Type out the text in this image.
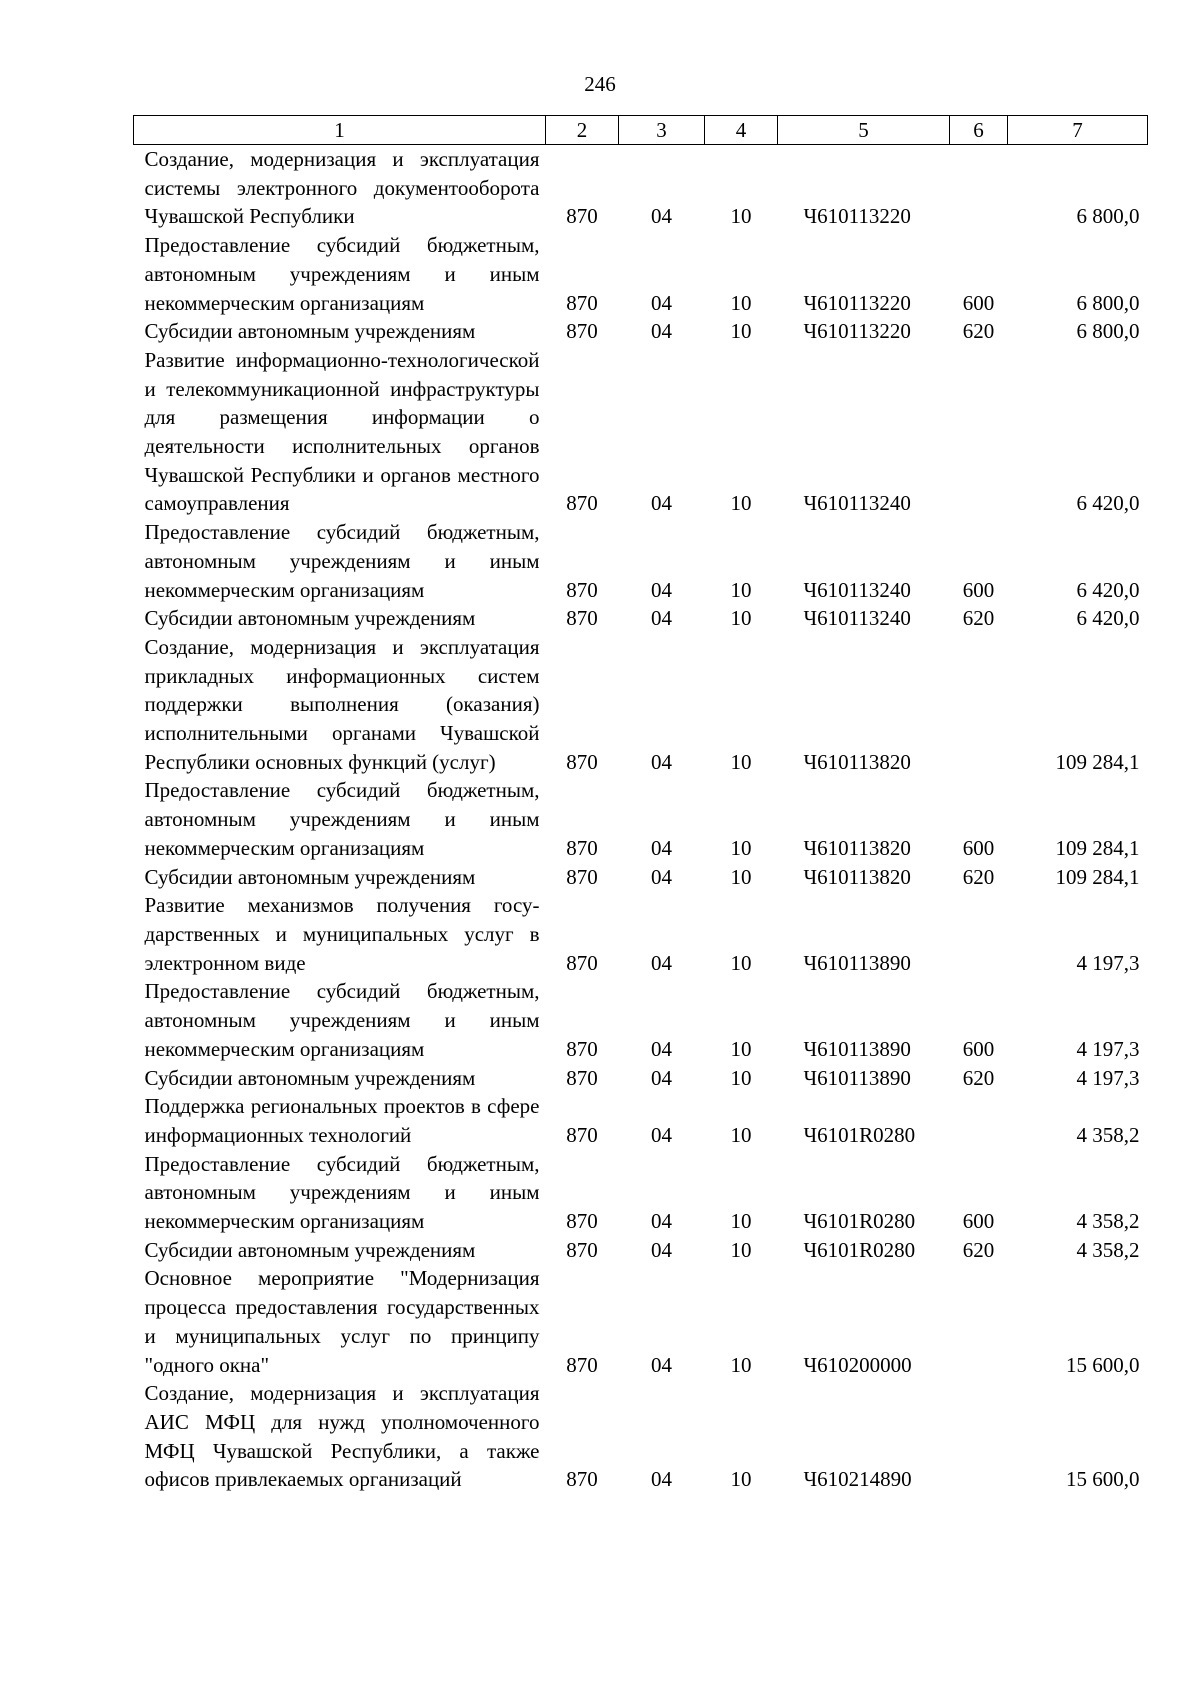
246
1	2	3	4	5	6	7
Создание, модернизация и эксплуатация системы электронного документооборота Чувашской Республики	870	04	10	Ч610113220		6 800,0
Предоставление субсидий бюджетным, автономным учреждениям и иным некоммерческим организациям	870	04	10	Ч610113220	600	6 800,0
Субсидии автономным учреждениям	870	04	10	Ч610113220	620	6 800,0
Развитие информационно-технологической и телекоммуникационной инфраструктуры для размещения информации о деятельности исполнительных органов Чувашской Республики и органов местного самоуправления	870	04	10	Ч610113240		6 420,0
Предоставление субсидий бюджетным, автономным учреждениям и иным некоммерческим организациям	870	04	10	Ч610113240	600	6 420,0
Субсидии автономным учреждениям	870	04	10	Ч610113240	620	6 420,0
Создание, модернизация и эксплуатация прикладных информационных систем поддержки выполнения (оказания) исполнительными органами Чувашской Республики основных функций (услуг)	870	04	10	Ч610113820		109 284,1
Предоставление субсидий бюджетным, автономным учреждениям и иным некоммерческим организациям	870	04	10	Ч610113820	600	109 284,1
Субсидии автономным учреждениям	870	04	10	Ч610113820	620	109 284,1
Развитие механизмов получения государственных и муниципальных услуг в электронном виде	870	04	10	Ч610113890		4 197,3
Предоставление субсидий бюджетным, автономным учреждениям и иным некоммерческим организациям	870	04	10	Ч610113890	600	4 197,3
Субсидии автономным учреждениям	870	04	10	Ч610113890	620	4 197,3
Поддержка региональных проектов в сфере информационных технологий	870	04	10	Ч6101R0280		4 358,2
Предоставление субсидий бюджетным, автономным учреждениям и иным некоммерческим организациям	870	04	10	Ч6101R0280	600	4 358,2
Субсидии автономным учреждениям	870	04	10	Ч6101R0280	620	4 358,2
Основное мероприятие "Модернизация процесса предоставления государственных и муниципальных услуг по принципу "одного окна"	870	04	10	Ч610200000		15 600,0
Создание, модернизация и эксплуатация АИС МФЦ для нужд уполномоченного МФЦ Чувашской Республики, а также офисов привлекаемых организаций	870	04	10	Ч610214890		15 600,0
